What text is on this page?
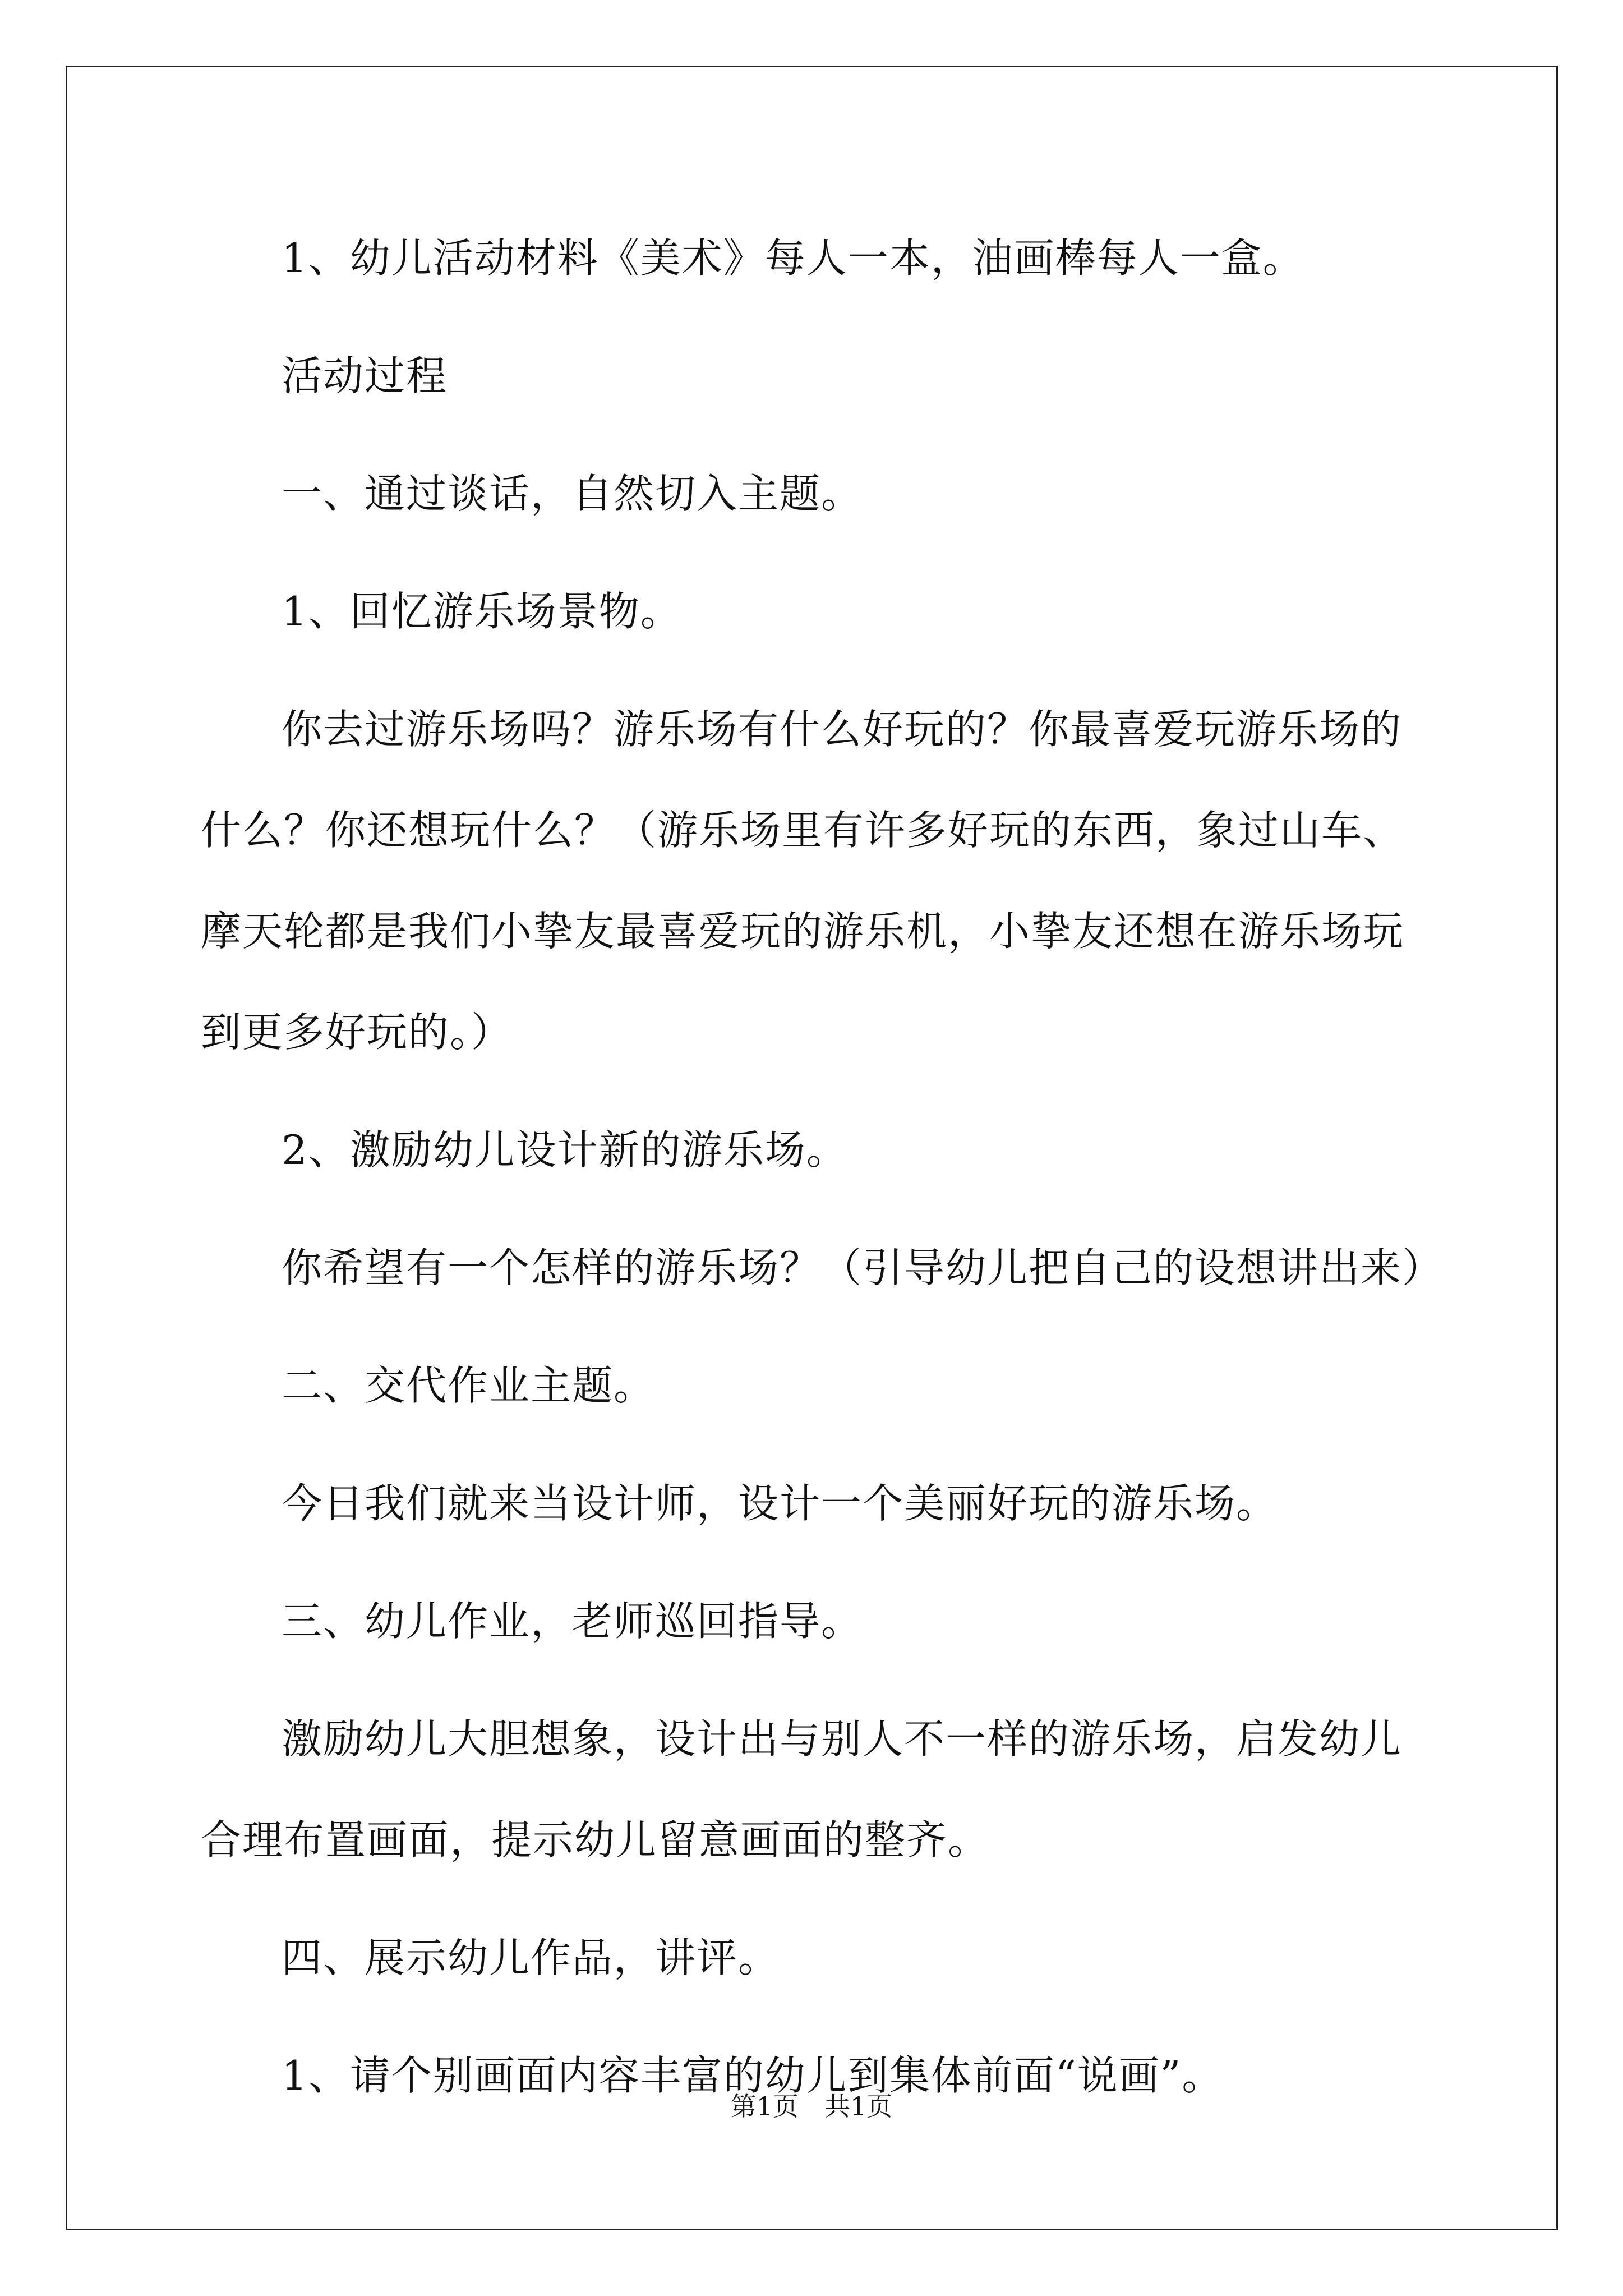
1、幼儿活动材料《美术》每人一本，油画棒每人一盒。

活动过程

一、通过谈话，自然切入主题。

1、回忆游乐场景物。

你去过游乐场吗？游乐场有什么好玩的？你最喜爱玩游乐场的什么？你还想玩什么？（游乐场里有许多好玩的东西，象过山车、摩天轮都是我们小挚友最喜爱玩的游乐机，小挚友还想在游乐场玩到更多好玩的。）

2、激励幼儿设计新的游乐场。

你希望有一个怎样的游乐场？（引导幼儿把自己的设想讲出来）

二、交代作业主题。

今日我们就来当设计师，设计一个美丽好玩的游乐场。

三、幼儿作业，老师巡回指导。

激励幼儿大胆想象，设计出与别人不一样的游乐场，启发幼儿合理布置画面，提示幼儿留意画面的整齐。

四、展示幼儿作品，讲评。

1、请个别画面内容丰富的幼儿到集体前面“说画”。

第1页　共1页
